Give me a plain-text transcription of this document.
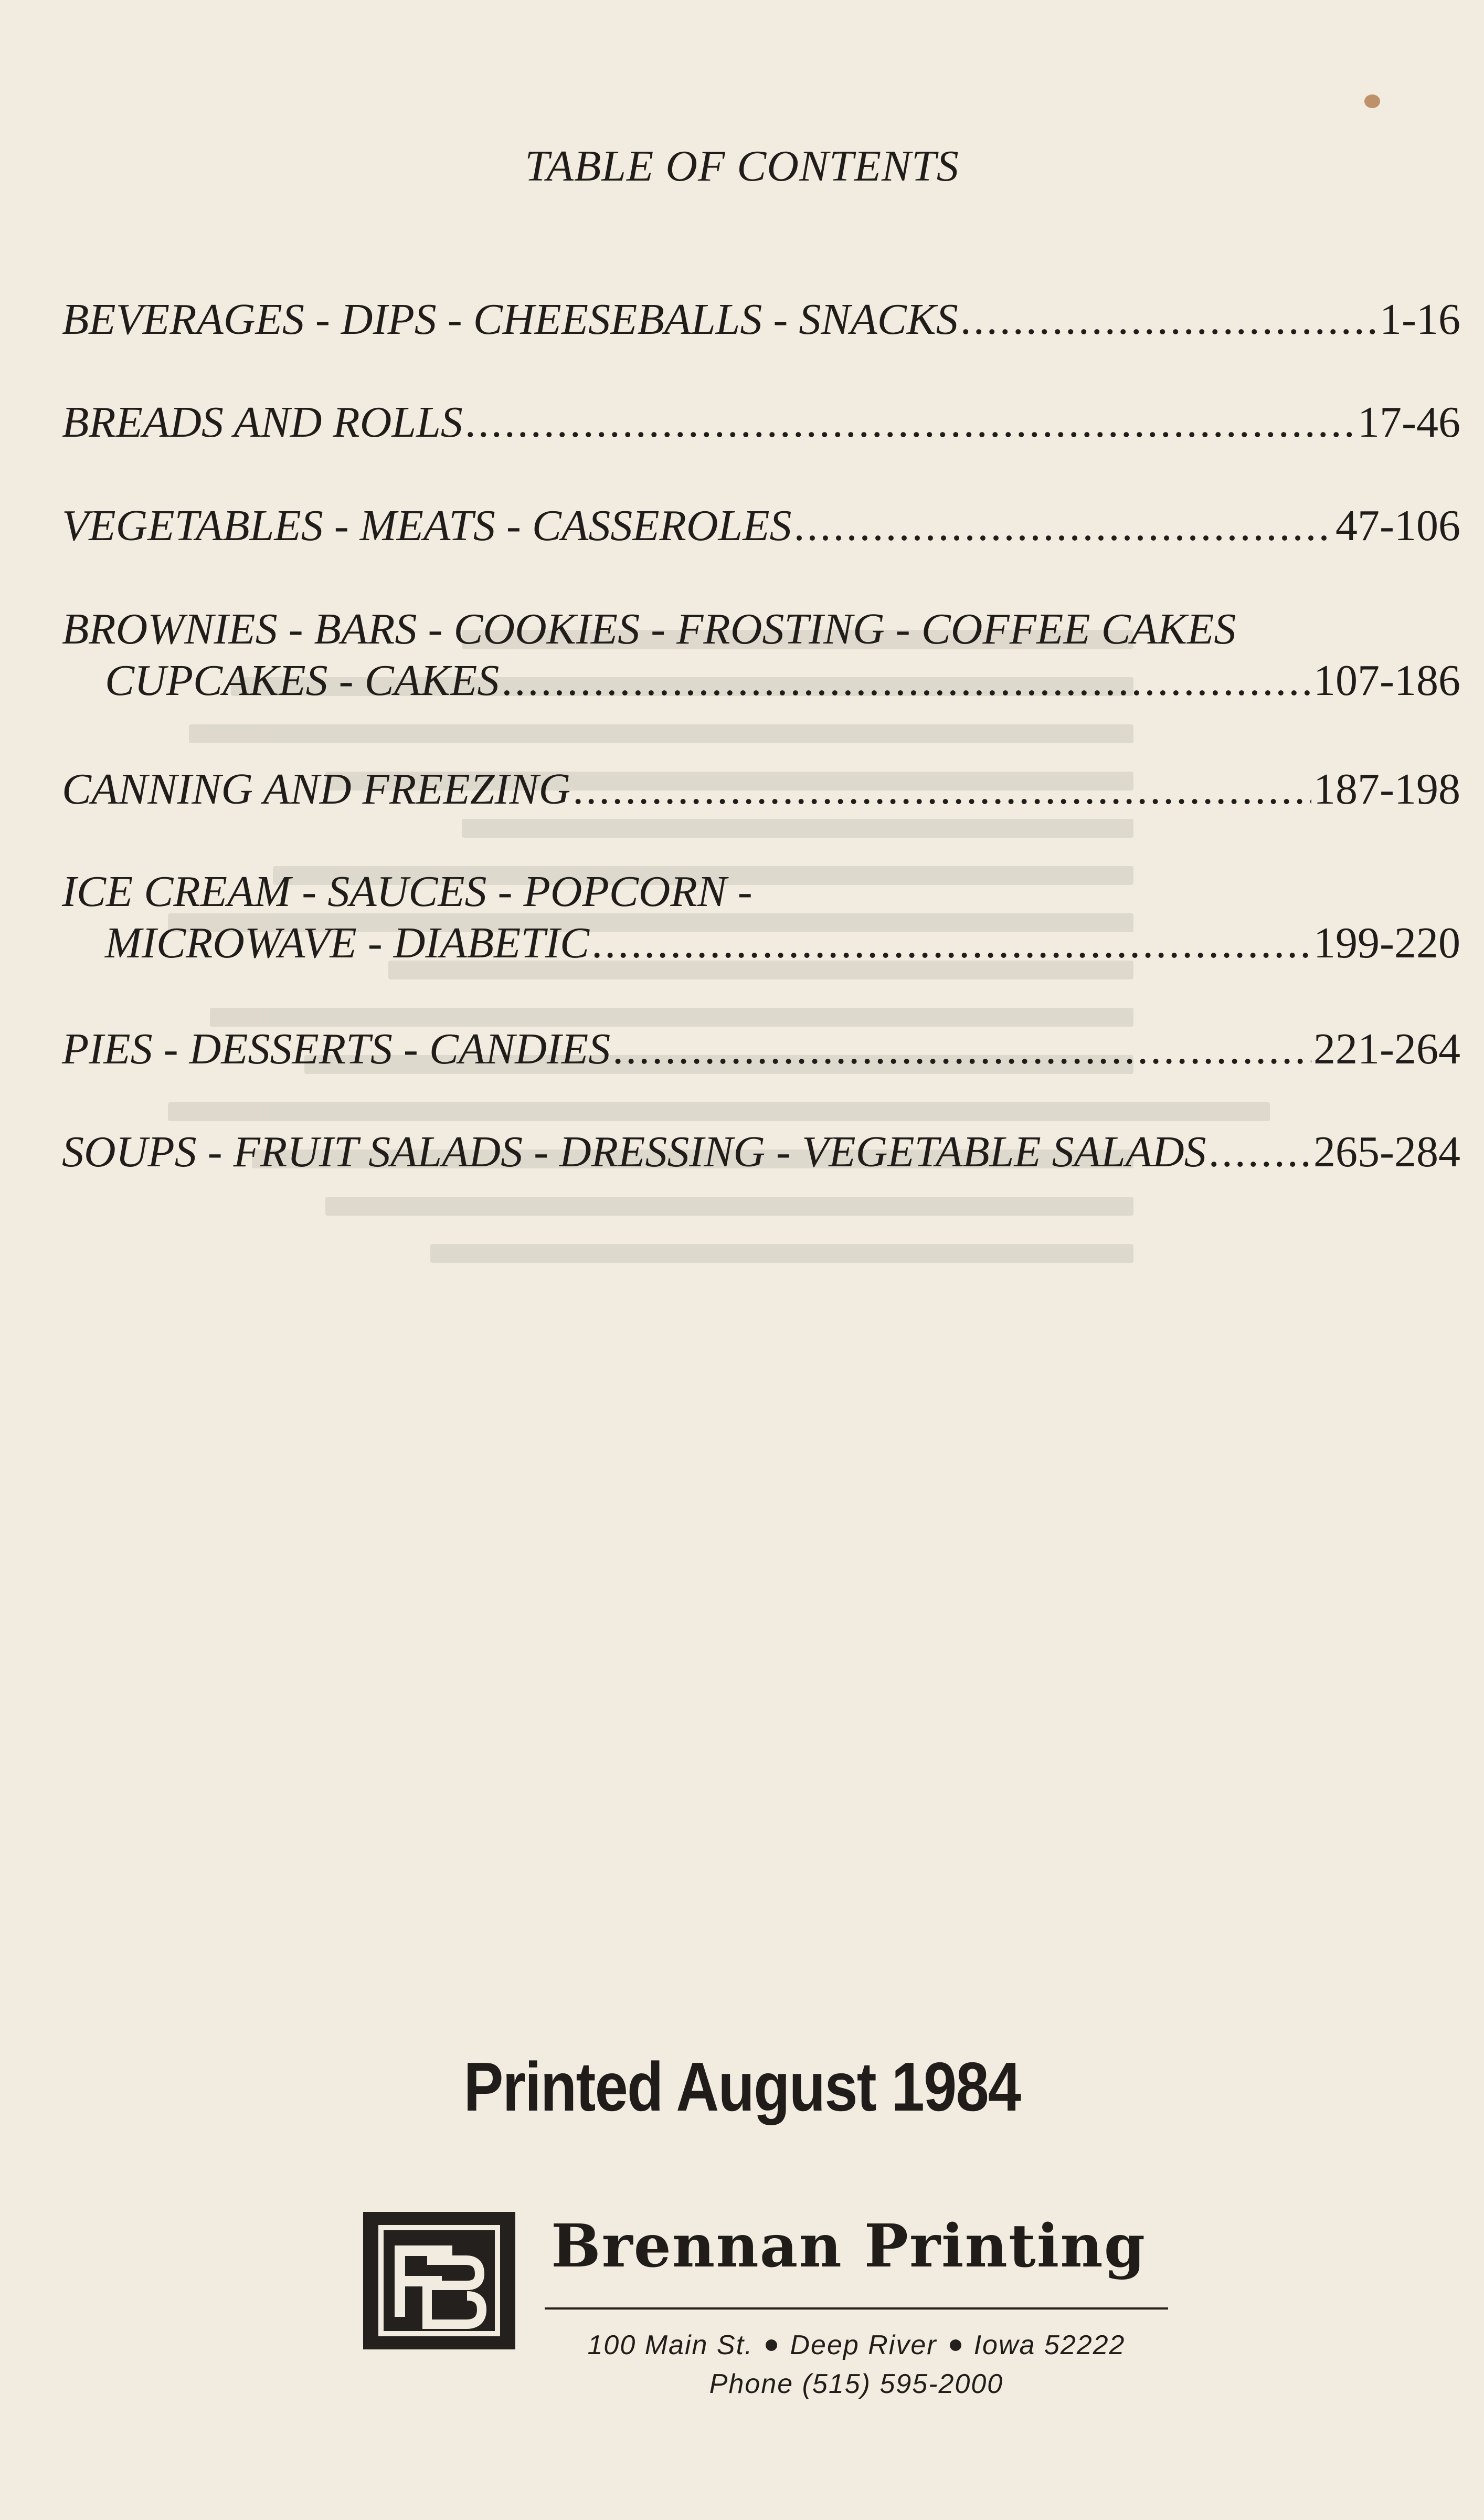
TABLE OF CONTENTS
BEVERAGES - DIPS - CHEESEBALLS - SNACKS .....	1-16
BREADS AND ROLLS .....	17-46
VEGETABLES - MEATS - CASSEROLES .....	47-106
BROWNIES - BARS - COOKIES - FROSTING - COFFEE CAKES
CUPCAKES - CAKES .....	107-186
CANNING AND FREEZING .....	187-198
ICE CREAM - SAUCES - POPCORN -
MICROWAVE - DIABETIC .....	199-220
PIES - DESSERTS - CANDIES .....	221-264
SOUPS - FRUIT SALADS - DRESSING - VEGETABLE SALADS ..... 265-284
Printed August 1984
Brennan Printing
100 Main St. Deep River Iowa 52222
Phone (515) 595-2000
